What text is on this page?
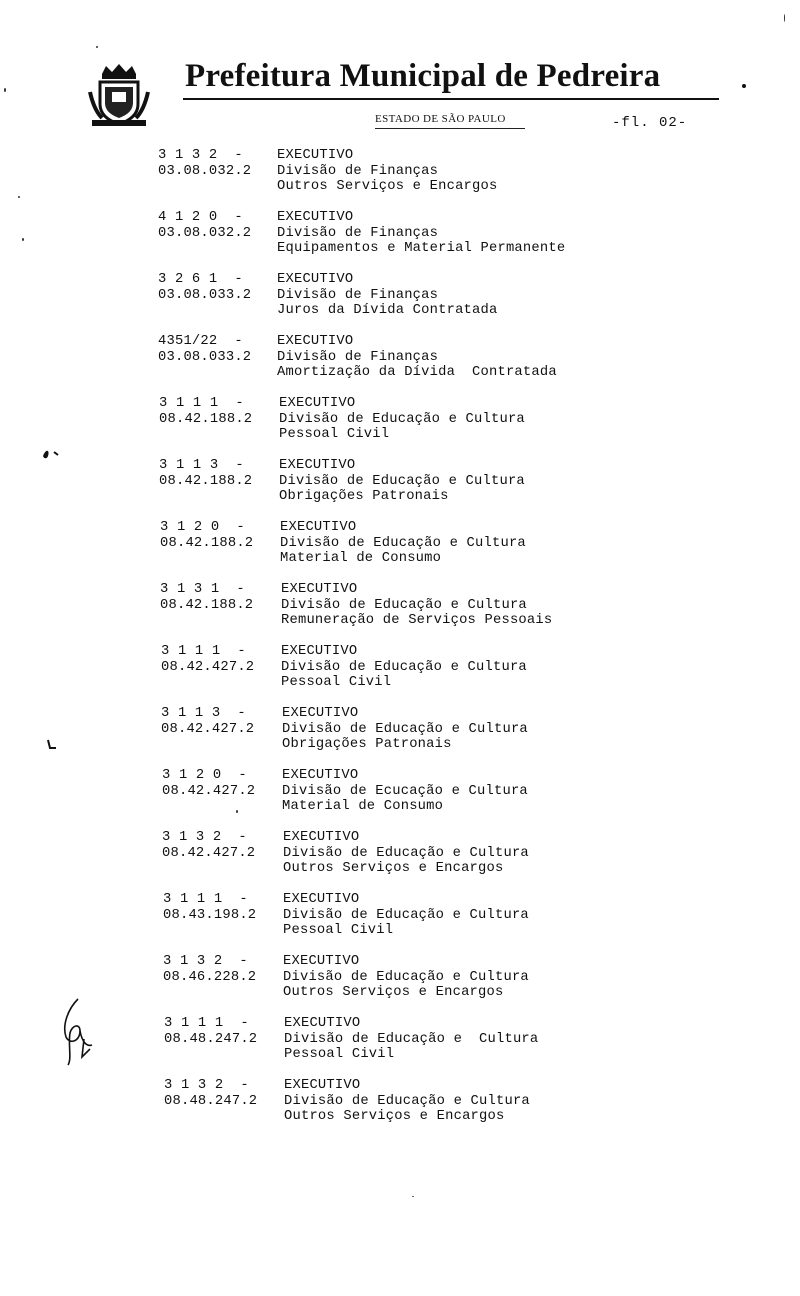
Prefeitura Municipal de Pedreira
ESTADO DE SÃO PAULO	-fl. 02-
3 1 3 2  - EXECUTIVO
03.08.032.2 Divisão de Finanças
Outros Serviços e Encargos
4 1 2 0  - EXECUTIVO
03.08.032.2 Divisão de Finanças
Equipamentos e Material Permanente
3 2 6 1  - EXECUTIVO
03.08.033.2 Divisão de Finanças
Juros da Dívida Contratada
4351/22  - EXECUTIVO
03.08.033.2 Divisão de Finanças
Amortização da Dívida  Contratada
3 1 1 1  -	EXECUTIVO
08.42.188.2 Divisão de Educação e Cultura
Pessoal Civil
3 1 1 3  -	EXECUTIVO
08.42.188.2 Divisão de Educação e Cultura
Obrigações Patronais
3 1 2 0  -	EXECUTIVO
08.42.188.2 Divisão de Educação e Cultura
Material de Consumo
3 1 3 1  -	EXECUTIVO
08.42.188.2 Divisão de Educação e Cultura
Remuneração de Serviços Pessoais
3 1 1 1  -	EXECUTIVO
08.42.427.2 Divisão de Educação e Cultura
Pessoal Civil
3 1 1 3  -	EXECUTIVO
08.42.427.2 Divisão de Educação e Cultura
Obrigações Patronais
3 1 2 0  -	EXECUTIVO
08.42.427.2 Divisão de Ecucação e Cultura
Material de Consumo
3 1 3 2  -	EXECUTIVO
08.42.427.2 Divisão de Educação e Cultura
Outros Serviços e Encargos
3 1 1 1  -	EXECUTIVO
08.43.198.2 Divisão de Educação e Cultura
Pessoal Civil
3 1 3 2  -	EXECUTIVO
08.46.228.2 Divisão de Educação e Cultura
Outros Serviços e Encargos
3 1 1 1  -	EXECUTIVO
08.48.247.2 Divisão de Educação e  Cultura
Pessoal Civil
3 1 3 2  -	EXECUTIVO
08.48.247.2 Divisão de Educação e Cultura
Outros Serviços e Encargos
